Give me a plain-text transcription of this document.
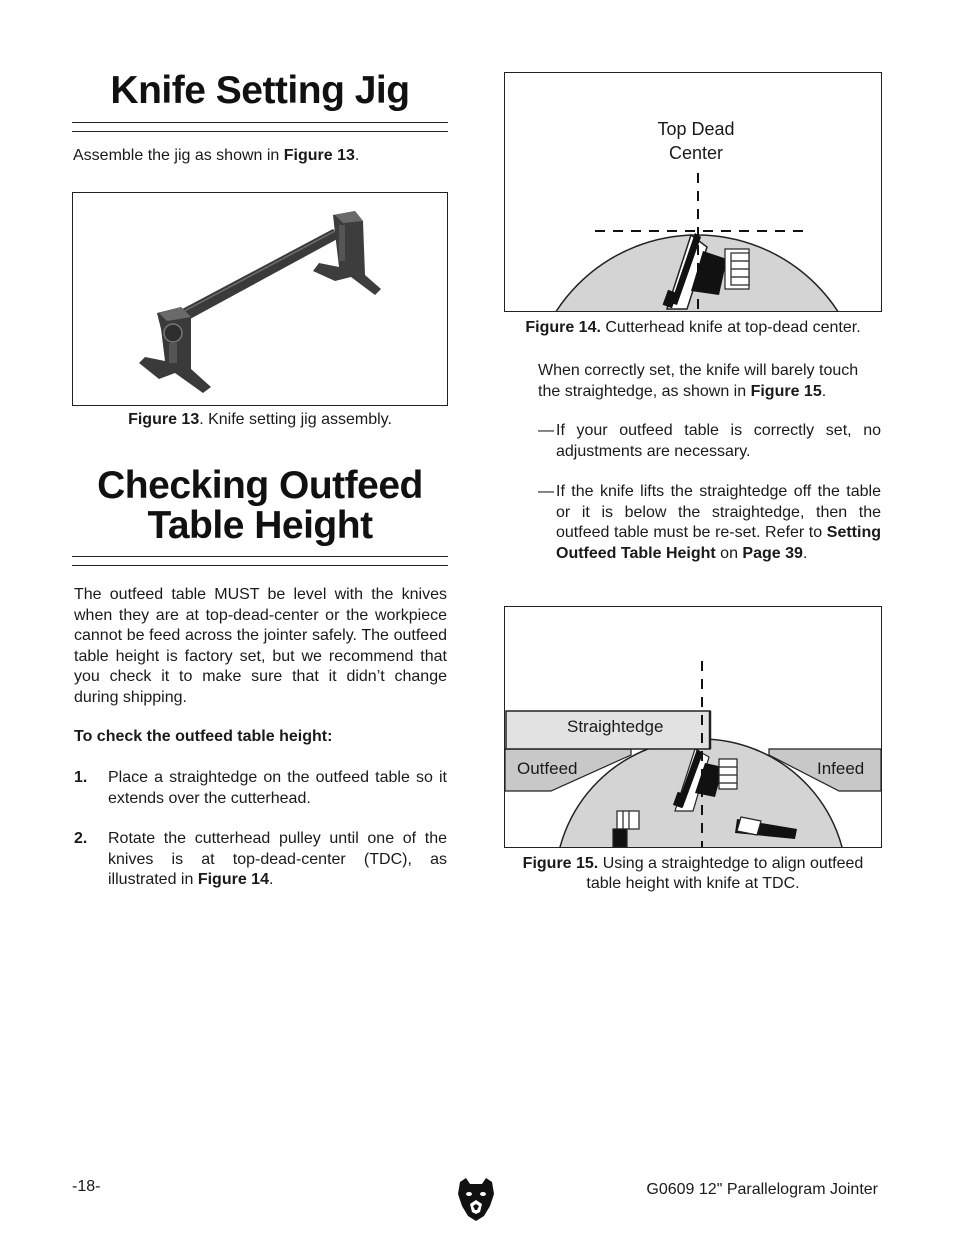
Knife Setting Jig
Assemble the jig as shown in Figure 13.
Figure 13. Knife setting jig assembly.
Checking Outfeed
Table Height
The outfeed table MUST be level with the knives when they are at top-dead-center or the workpiece cannot be feed across the jointer safely. The outfeed table height is factory set, but we recommend that you check it to make sure that it didn’t change during shipping.
To check the outfeed table height:
1. Place a straightedge on the outfeed table so it extends over the cutterhead.
2. Rotate the cutterhead pulley until one of the knives is at top-dead-center (TDC), as illustrated in Figure 14.
Top Dead
Center
Figure 14. Cutterhead knife at top-dead center.
When correctly set, the knife will barely touch the straightedge, as shown in Figure 15.
— If your outfeed table is correctly set, no adjustments are necessary.
— If the knife lifts the straightedge off the table or it is below the straightedge, then the outfeed table must be re-set. Refer to Setting Outfeed Table Height on Page 39.
Straightedge
Outfeed	Infeed
Figure 15. Using a straightedge to align outfeed
table height with knife at TDC.
-18-	G0609 12" Parallelogram Jointer
